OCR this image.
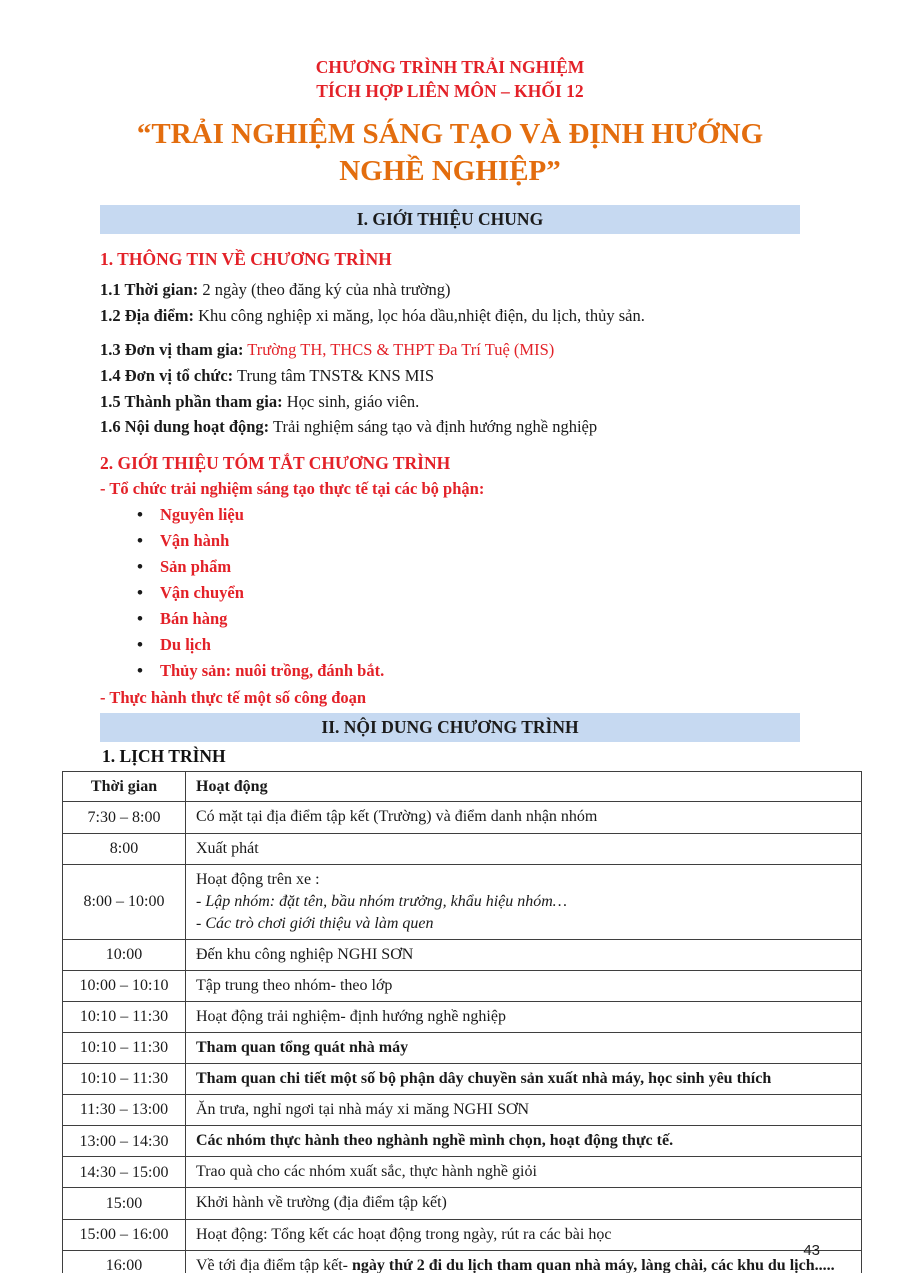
CHƯƠNG TRÌNH TRẢI NGHIỆM
TÍCH HỢP LIÊN MÔN – KHỐI 12
“TRẢI NGHIỆM SÁNG TẠO VÀ ĐỊNH HƯỚNG
NGHỀ NGHIỆP”
I. GIỚI THIỆU CHUNG
1. THÔNG TIN VỀ CHƯƠNG TRÌNH

1.1 Thời gian: 2 ngày (theo đăng ký của nhà trường)

1.2 Địa điểm: Khu công nghiệp xi măng, lọc hóa dầu,nhiệt điện, du lịch, thủy sản.

1.3 Đơn vị tham gia: Trường TH, THCS & THPT Đa Trí Tuệ (MIS)

1.4 Đơn vị tổ chức: Trung tâm TNST& KNS MIS

1.5 Thành phần tham gia: Học sinh, giáo viên.

1.6 Nội dung hoạt động: Trải nghiệm sáng tạo và định hướng nghề nghiệp

2. GIỚI THIỆU TÓM TẮT CHƯƠNG TRÌNH
- Tổ chức trải nghiệm sáng tạo thực tế tại các bộ phận:
• Nguyên liệu
• Vận hành
• Sản phẩm
• Vận chuyển
• Bán hàng
• Du lịch
• Thủy sản: nuôi trồng, đánh bắt.
- Thực hành thực tế một số công đoạn
II. NỘI DUNG CHƯƠNG TRÌNH
1. LỊCH TRÌNH
Thời gian	Hoạt động
7:30 – 8:00	Có mặt tại địa điểm tập kết (Trường) và điểm danh nhận nhóm

8:00	Xuất phát

8:00 – 10:00	Hoạt động trên xe :
- Lập nhóm: đặt tên, bầu nhóm trưởng, khẩu hiệu nhóm…
- Các trò chơi giới thiệu và làm quen

10:00	Đến khu công nghiệp NGHI SƠN

10:00 – 10:10	Tập trung theo nhóm- theo lớp

10:10 – 11:30	Hoạt động trải nghiệm- định hướng nghề nghiệp

10:10 – 11:30	Tham quan tổng quát nhà máy

10:10 – 11:30	Tham quan chi tiết một số bộ phận dây chuyền sản xuất nhà máy, học sinh yêu thích

11:30 – 13:00	Ăn trưa, nghỉ ngơi tại nhà máy xi măng NGHI SƠN

13:00 – 14:30	Các nhóm thực hành theo nghành nghề mình chọn, hoạt động thực tế.

14:30 – 15:00	Trao quà cho các nhóm xuất sắc, thực hành nghề giỏi

15:00	Khởi hành về trường (địa điểm tập kết)

15:00 – 16:00	Hoạt động: Tổng kết các hoạt động trong ngày, rút ra các bài học

16:00	Về tới địa điểm tập kết- ngày thứ 2 đi du lịch tham quan nhà máy, làng chài, các khu du lịch.....
43
